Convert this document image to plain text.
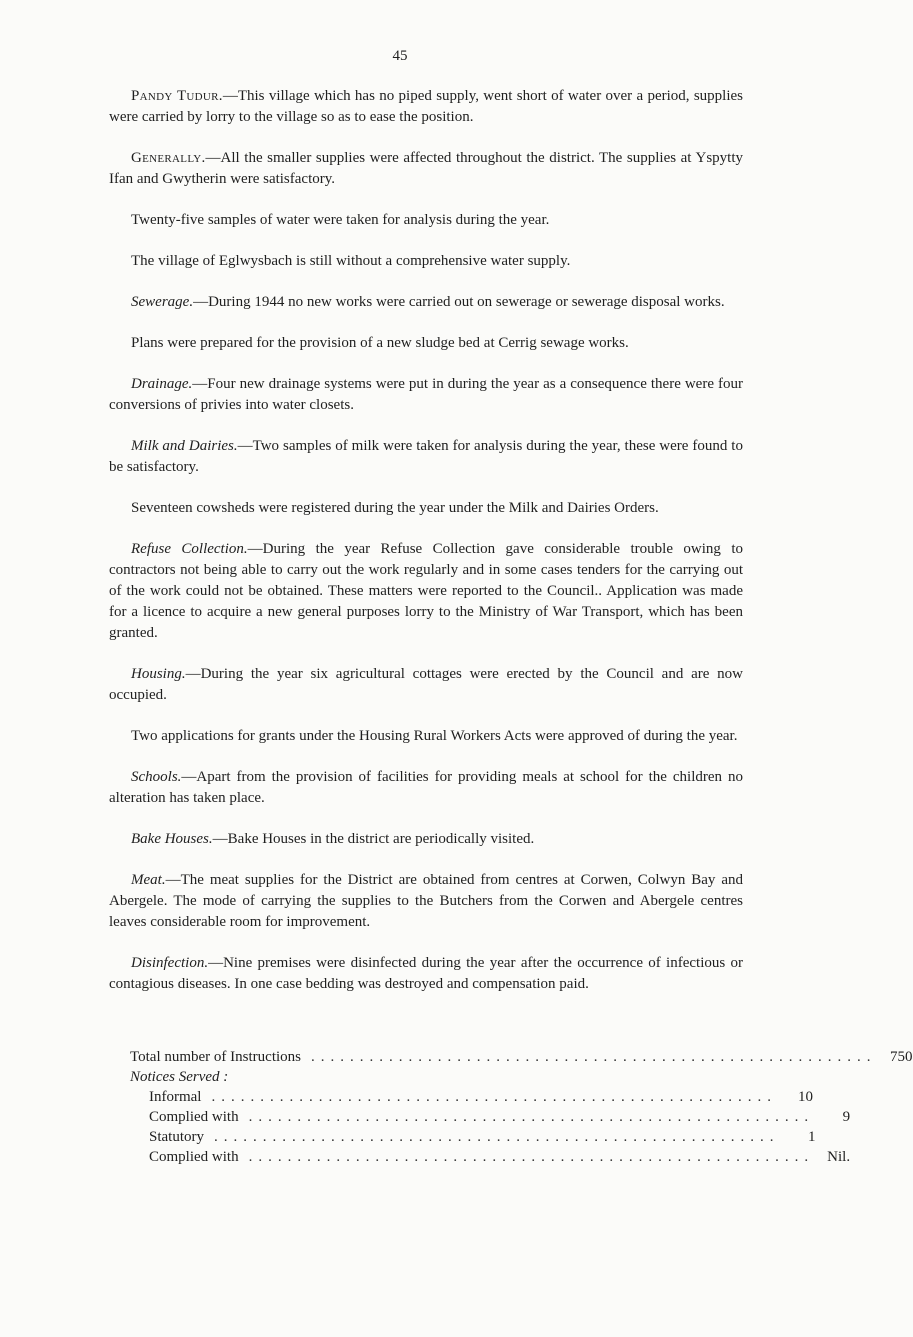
45

Pandy Tudur.—This village which has no piped supply, went short of water over a period, supplies were carried by lorry to the village so as to ease the position.

Generally.—All the smaller supplies were affected throughout the district. The supplies at Yspytty Ifan and Gwytherin were satisfactory.

Twenty-five samples of water were taken for analysis during the year.

The village of Eglwysbach is still without a comprehensive water supply.

Sewerage.—During 1944 no new works were carried out on sewerage or sewerage disposal works.

Plans were prepared for the provision of a new sludge bed at Cerrig sewage works.

Drainage.—Four new drainage systems were put in during the year as a consequence there were four conversions of privies into water closets.

Milk and Dairies.—Two samples of milk were taken for analysis during the year, these were found to be satisfactory.

Seventeen cowsheds were registered during the year under the Milk and Dairies Orders.

Refuse Collection.—During the year Refuse Collection gave considerable trouble owing to contractors not being able to carry out the work regularly and in some cases tenders for the carrying out of the work could not be obtained. These matters were reported to the Council.. Application was made for a licence to acquire a new general purposes lorry to the Ministry of War Transport, which has been granted.

Housing.—During the year six agricultural cottages were erected by the Council and are now occupied.

Two applications for grants under the Housing Rural Workers Acts were approved of during the year.

Schools.—Apart from the provision of facilities for providing meals at school for the children no alteration has taken place.

Bake Houses.—Bake Houses in the district are periodically visited.

Meat.—The meat supplies for the District are obtained from centres at Corwen, Colwyn Bay and Abergele. The mode of carrying the supplies to the Butchers from the Corwen and Abergele centres leaves considerable room for improvement.

Disinfection.—Nine premises were disinfected during the year after the occurrence of infectious or contagious diseases. In one case bedding was destroyed and compensation paid.

Total number of Instructions .......................................................... 750
Notices Served :
Informal ..........................................................	10
Complied with ..........................................................	9
Statutory ..........................................................	1
Complied with .......................................................... Nil.
